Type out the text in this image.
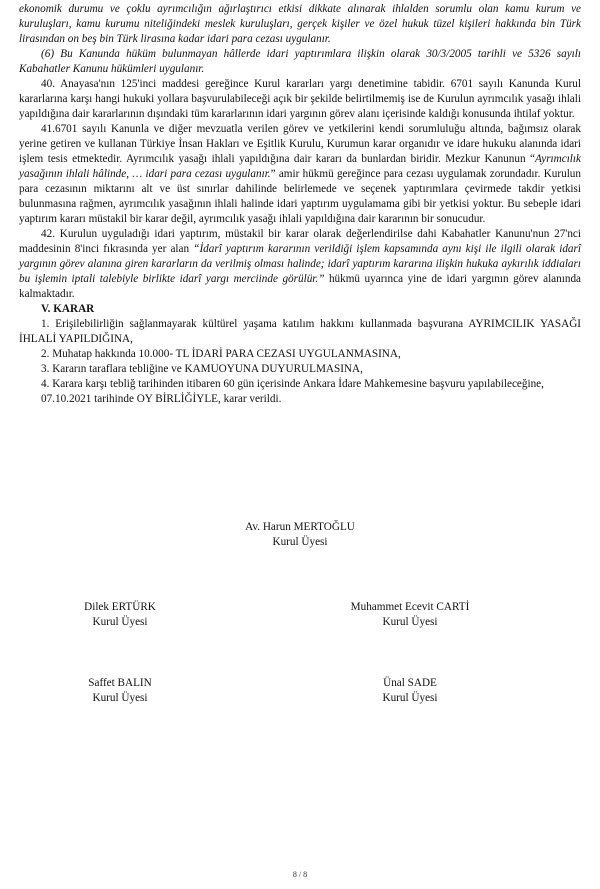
ekonomik durumu ve çoklu ayrımcılığın ağırlaştırıcı etkisi dikkate alınarak ihlalden sorumlu olan kamu kurum ve kuruluşları, kamu kurumu niteliğindeki meslek kuruluşları, gerçek kişiler ve özel hukuk tüzel kişileri hakkında bin Türk lirasından on beş bin Türk lirasına kadar idari para cezası uygulanır.

(6) Bu Kanunda hüküm bulunmayan hâllerde idari yaptırımlara ilişkin olarak 30/3/2005 tarihli ve 5326 sayılı Kabahatler Kanunu hükümleri uygulanır.

40. Anayasa'nın 125'inci maddesi gereğince Kurul kararları yargı denetimine tabidir. 6701 sayılı Kanunda Kurul kararlarına karşı hangi hukuki yollara başvurulabileceği açık bir şekilde belirtilmemiş ise de Kurulun ayrımcılık yasağı ihlali yapıldığına dair kararlarının dışındaki tüm kararlarının idari yargının görev alanı içerisinde kaldığı konusunda ihtilaf yoktur.

41.6701 sayılı Kanunla ve diğer mevzuatla verilen görev ve yetkilerini kendi sorumluluğu altında, bağımsız olarak yerine getiren ve kullanan Türkiye İnsan Hakları ve Eşitlik Kurulu, Kurumun karar organıdır ve idare hukuku alanında idari işlem tesis etmektedir. Ayrımcılık yasağı ihlali yapıldığına dair kararı da bunlardan biridir. Mezkur Kanunun “Ayrımcılık yasağının ihlali hâlinde, … idari para cezası uygulanır.” amir hükmü gereğince para cezası uygulamak zorundadır. Kurulun para cezasının miktarını alt ve üst sınırlar dahilinde belirlemede ve seçenek yaptırımlara çevirmede takdir yetkisi bulunmasına rağmen, ayrımcılık yasağının ihlali halinde idari yaptırım uygulamama gibi bir yetkisi yoktur. Bu sebeple idari yaptırım kararı müstakil bir karar değil, ayrımcılık yasağı ihlali yapıldığına dair kararının bir sonucudur.

42. Kurulun uyguladığı idari yaptırım, müstakil bir karar olarak değerlendirilse dahi Kabahatler Kanunu'nun 27'nci maddesinin 8'inci fıkrasında yer alan “İdarî yaptırım kararının verildiği işlem kapsamında aynı kişi ile ilgili olarak idarî yargının görev alanına giren kararların da verilmiş olması halinde; idarî yaptırım kararına ilişkin hukuka aykırılık iddiaları bu işlemin iptali talebiyle birlikte idarî yargı merciinde görülür.” hükmü uyarınca yine de idari yargının görev alanında kalmaktadır.

V. KARAR

1. Erişilebilirliğin sağlanmayarak kültürel yaşama katılım hakkını kullanmada başvurana AYRIMCILIK YASAĞI İHLALİ YAPILDIĞINA,

2. Muhatap hakkında 10.000- TL İDARİ PARA CEZASI UYGULANMASINA,

3. Kararın taraflara tebliğine ve KAMUOYUNA DUYURULMASINA,

4. Karara karşı tebliğ tarihinden itibaren 60 gün içerisinde Ankara İdare Mahkemesine başvuru yapılabileceğine,

07.10.2021 tarihinde OY BİRLİĞİYLE, karar verildi.

Av. Harun MERTOĞLU
Kurul Üyesi
Dilek ERTÜRK
Kurul Üyesi
Muhammet Ecevit CARTİ
Kurul Üyesi
Saffet BALIN
Kurul Üyesi
Ünal SADE
Kurul Üyesi
8 / 8
